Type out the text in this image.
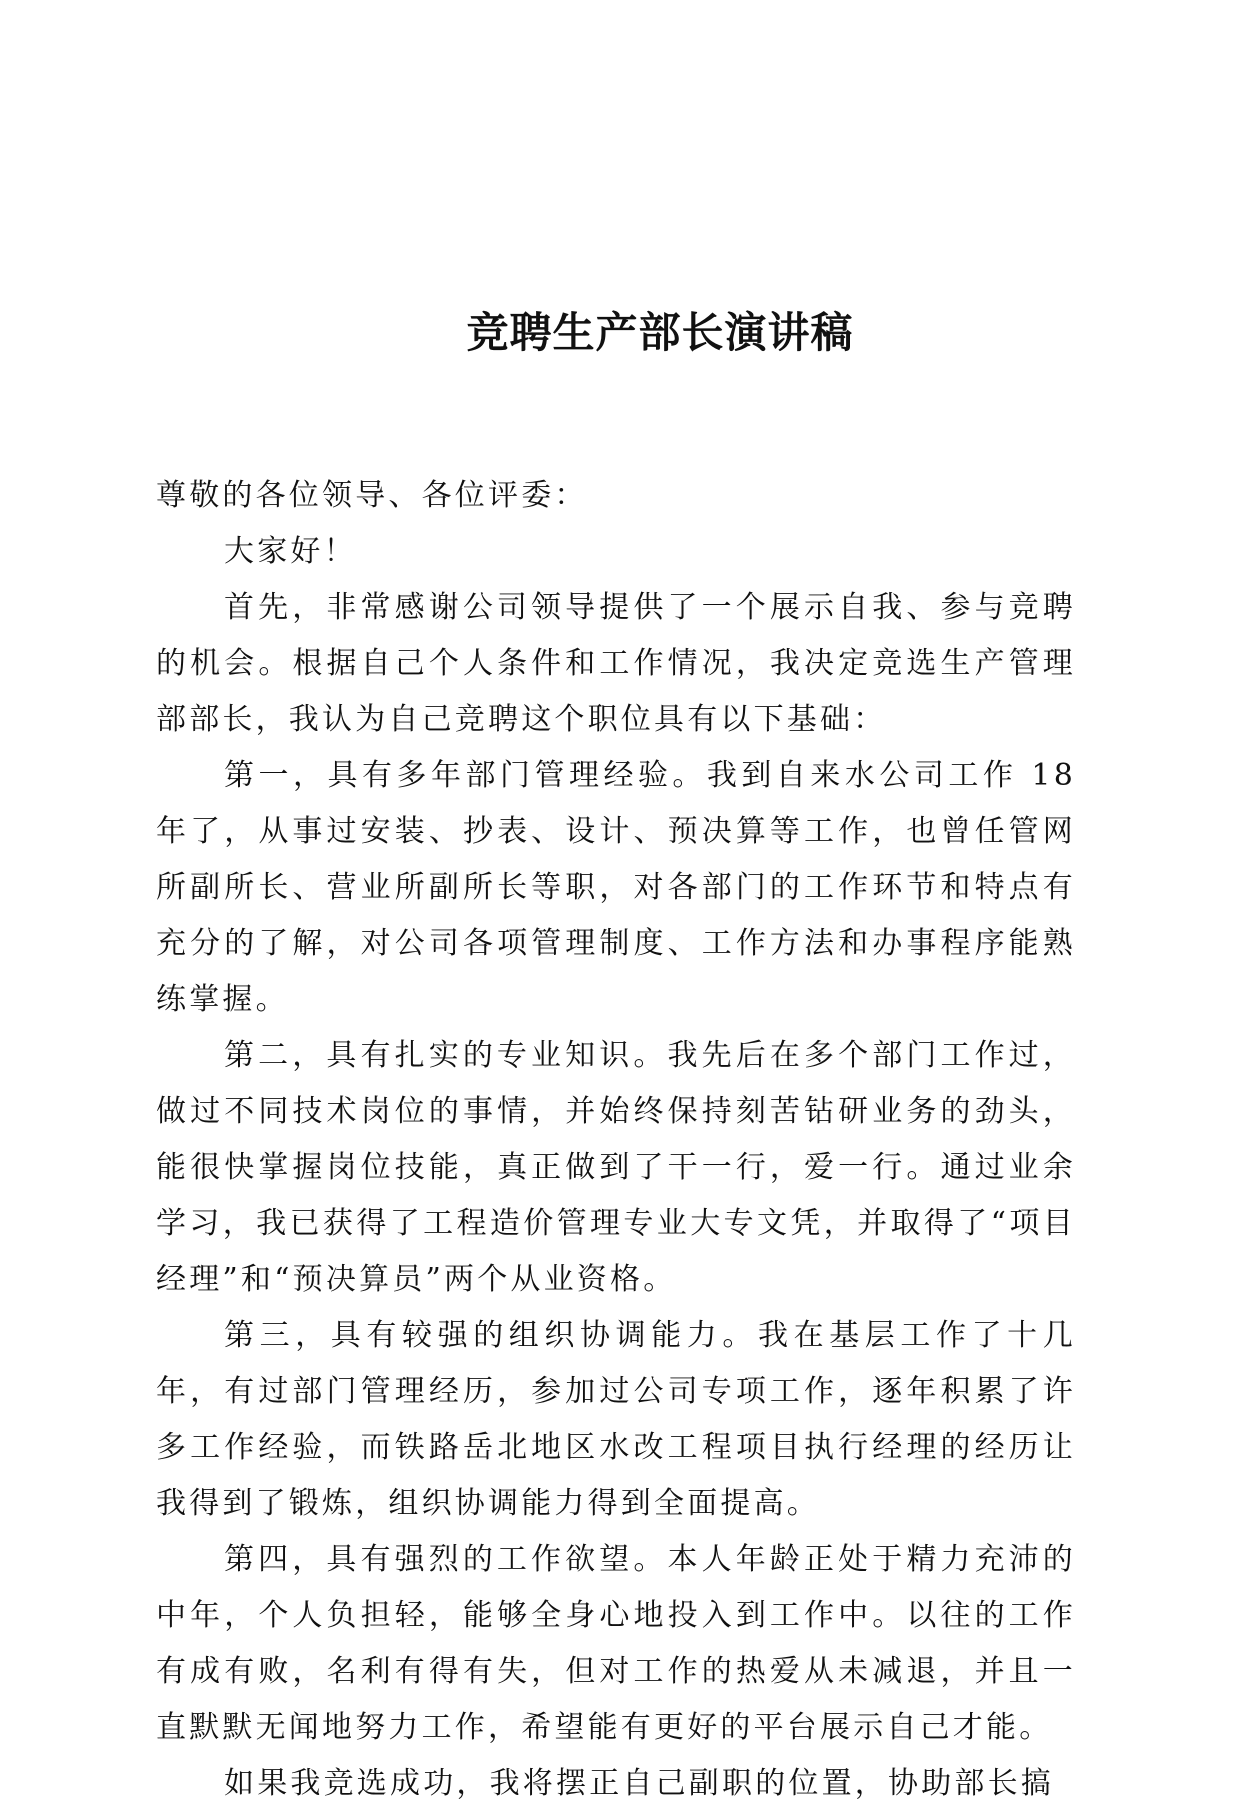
竞聘生产部长演讲稿

尊敬的各位领导、各位评委：

大家好！

首先，非常感谢公司领导提供了一个展示自我、参与竞聘的机会。根据自己个人条件和工作情况，我决定竞选生产管理部部长，我认为自己竞聘这个职位具有以下基础：

第一，具有多年部门管理经验。我到自来水公司工作 18 年了，从事过安装、抄表、设计、预决算等工作，也曾任管网所副所长、营业所副所长等职，对各部门的工作环节和特点有充分的了解，对公司各项管理制度、工作方法和办事程序能熟练掌握。

第二，具有扎实的专业知识。我先后在多个部门工作过，做过不同技术岗位的事情，并始终保持刻苦钻研业务的劲头，能很快掌握岗位技能，真正做到了干一行，爱一行。通过业余学习，我已获得了工程造价管理专业大专文凭，并取得了“项目经理”和“预决算员”两个从业资格。

第三，具有较强的组织协调能力。我在基层工作了十几年，有过部门管理经历，参加过公司专项工作，逐年积累了许多工作经验，而铁路岳北地区水改工程项目执行经理的经历让我得到了锻炼，组织协调能力得到全面提高。

第四，具有强烈的工作欲望。本人年龄正处于精力充沛的中年，个人负担轻，能够全身心地投入到工作中。以往的工作有成有败，名利有得有失，但对工作的热爱从未减退，并且一直默默无闻地努力工作，希望能有更好的平台展示自己才能。

如果我竞选成功，我将摆正自己副职的位置，协助部长搞
